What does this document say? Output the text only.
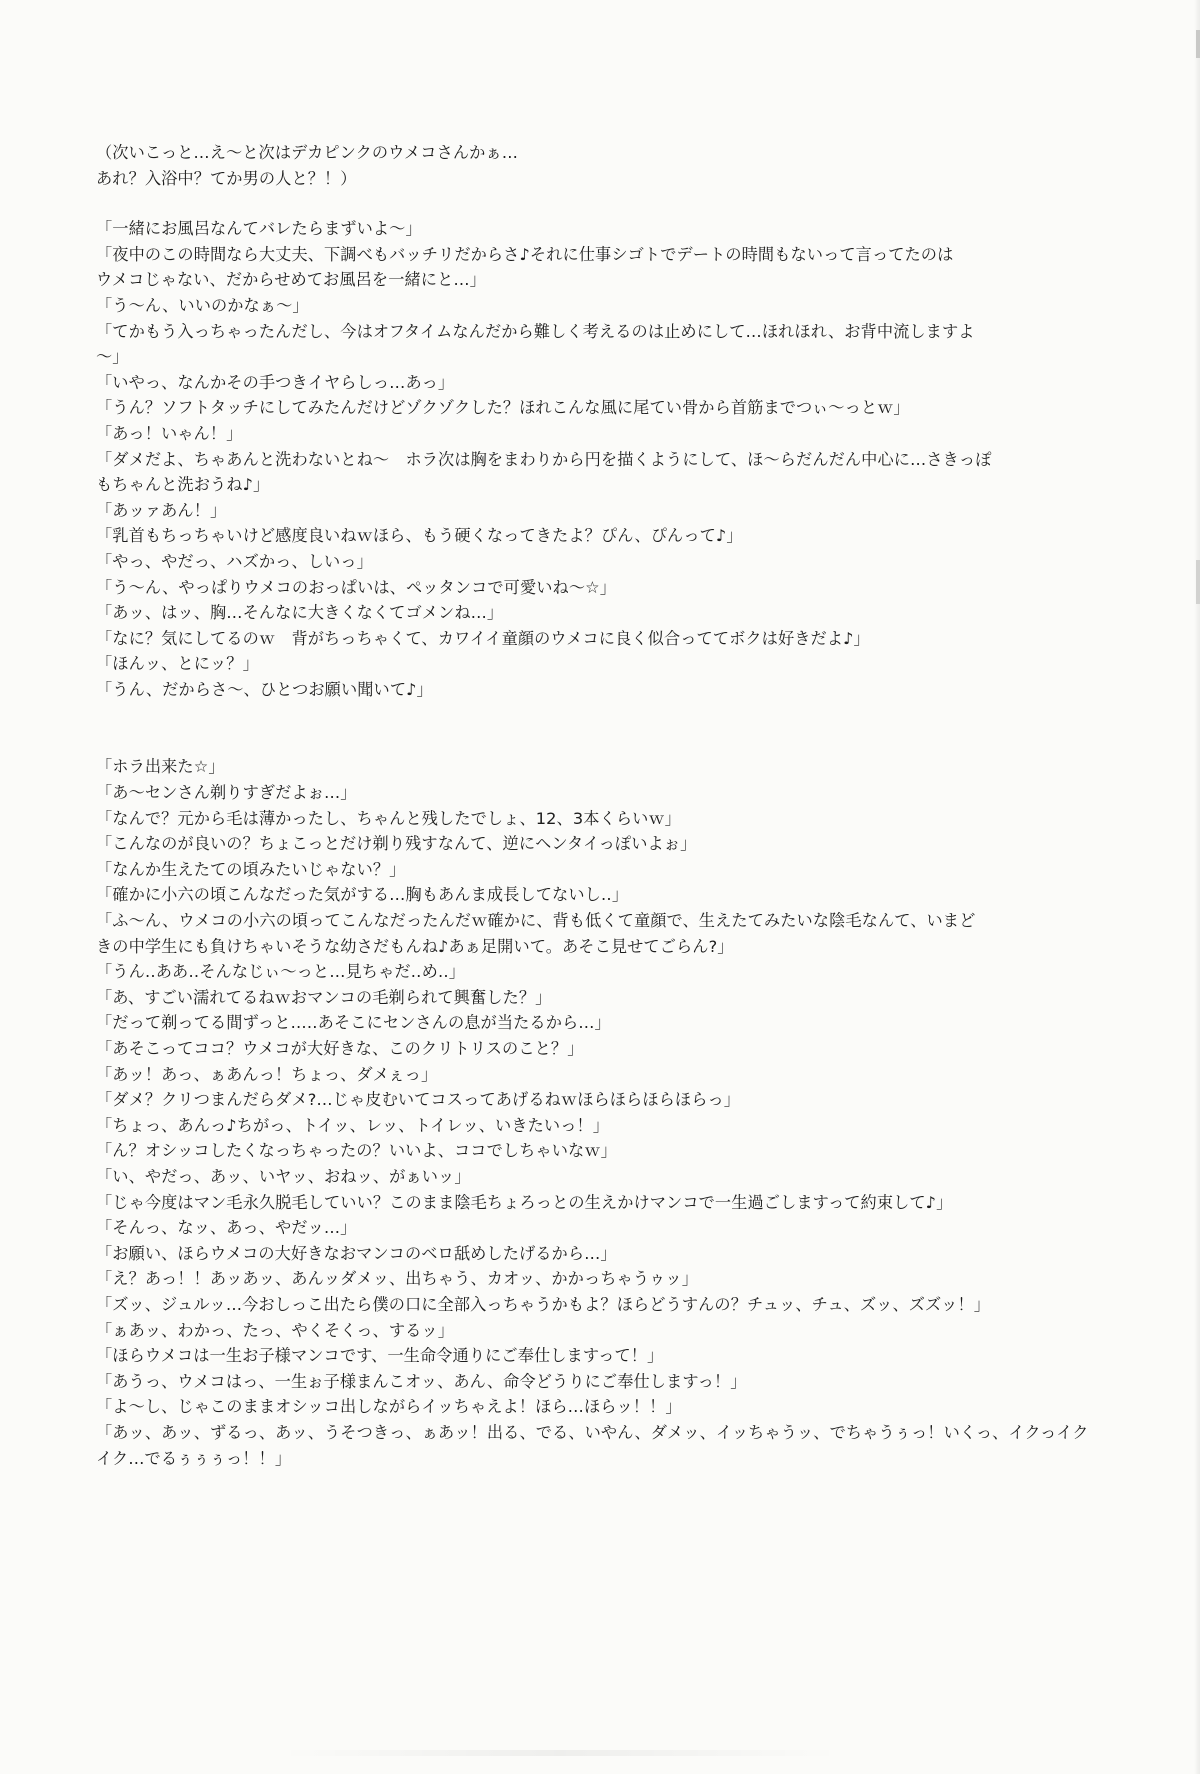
（次いこっと…え～と次はデカピンクのウメコさんかぁ…

あれ？入浴中？てか男の人と？！）

「一緒にお風呂なんてバレたらまずいよ～」

「夜中のこの時間なら大丈夫、下調べもバッチリだからさ♪それに仕事シゴトでデートの時間もないって言ってたのは

ウメコじゃない、だからせめてお風呂を一緒にと…」

「う～ん、いいのかなぁ～」

「てかもう入っちゃったんだし、今はオフタイムなんだから難しく考えるのは止めにして…ほれほれ、お背中流しますよ

～」

「いやっ、なんかその手つきイヤらしっ…あっ」

「うん？ソフトタッチにしてみたんだけどゾクゾクした？ほれこんな風に尾てい骨から首筋までつぃ～っとｗ」

「あっ！いゃん！」

「ダメだよ、ちゃあんと洗わないとね～　ホラ次は胸をまわりから円を描くようにして、ほ～らだんだん中心に…さきっぽ

もちゃんと洗おうね♪」

「あッァあん！」

「乳首もちっちゃいけど感度良いねｗほら、もう硬くなってきたよ？ぴん、ぴんって♪」

「やっ、やだっ、ハズかっ、しいっ」

「う～ん、やっぱりウメコのおっぱいは、ペッタンコで可愛いね～☆」

「あッ、はッ、胸…そんなに大きくなくてゴメンね…」

「なに？気にしてるのｗ　背がちっちゃくて、カワイイ童顔のウメコに良く似合っててボクは好きだよ♪」

「ほんッ、とにッ？」

「うん、だからさ～、ひとつお願い聞いて♪」

「ホラ出来た☆」

「あ～センさん剃りすぎだよぉ…」

「なんで？元から毛は薄かったし、ちゃんと残したでしょ、12、3本くらいｗ」

「こんなのが良いの？ちょこっとだけ剃り残すなんて、逆にヘンタイっぽいよぉ」

「なんか生えたての頃みたいじゃない？」

「確かに小六の頃こんなだった気がする…胸もあんま成長してないし‥」

「ふ～ん、ウメコの小六の頃ってこんなだったんだｗ確かに、背も低くて童顔で、生えたてみたいな陰毛なんて、いまど

きの中学生にも負けちゃいそうな幼さだもんね♪あぁ足開いて。あそこ見せてごらん?」

「うん‥ああ‥そんなじぃ～っと…見ちゃだ‥め‥」

「あ、すごい濡れてるねｗおマンコの毛剃られて興奮した？」

「だって剃ってる間ずっと…‥あそこにセンさんの息が当たるから…」

「あそこってココ？ウメコが大好きな、このクリトリスのこと？」

「あッ！あっ、ぁあんっ！ちょっ、ダメぇっ」

「ダメ？クリつまんだらダメ?…じゃ皮むいてコスってあげるねｗほらほらほらほらっ」

「ちょっ、あんっ♪ちがっ、トイッ、レッ、トイレッ、いきたいっ！」

「ん？オシッコしたくなっちゃったの？いいよ、ココでしちゃいなｗ」

「い、やだっ、あッ、いヤッ、おねッ、がぁいッ」

「じゃ今度はマン毛永久脱毛していい？このまま陰毛ちょろっとの生えかけマンコで一生過ごしますって約束して♪」

「そんっ、なッ、あっ、やだッ…」

「お願い、ほらウメコの大好きなおマンコのベロ舐めしたげるから…」

「え？あっ！！あッあッ、あんッダメッ、出ちゃう、カオッ、かかっちゃうゥッ」

「ズッ、ジュルッ…今おしっこ出たら僕の口に全部入っちゃうかもよ？ほらどうすんの？チュッ、チュ、ズッ、ズズッ！」

「ぁあッ、わかっ、たっ、やくそくっ、するッ」

「ほらウメコは一生お子様マンコです、一生命令通りにご奉仕しますって！」

「あうっ、ウメコはっ、一生ぉ子様まんこオッ、あん、命令どうりにご奉仕しますっ！」

「よ～し、じゃこのままオシッコ出しながらイッちゃえよ！ほら…ほらッ！！」

「あッ、あッ、ずるっ、あッ、うそつきっ、ぁあッ！出る、でる、いやん、ダメッ、イッちゃうッ、でちゃうぅっ！いくっ、イクっイク

イク…でるぅぅぅっ！！」
